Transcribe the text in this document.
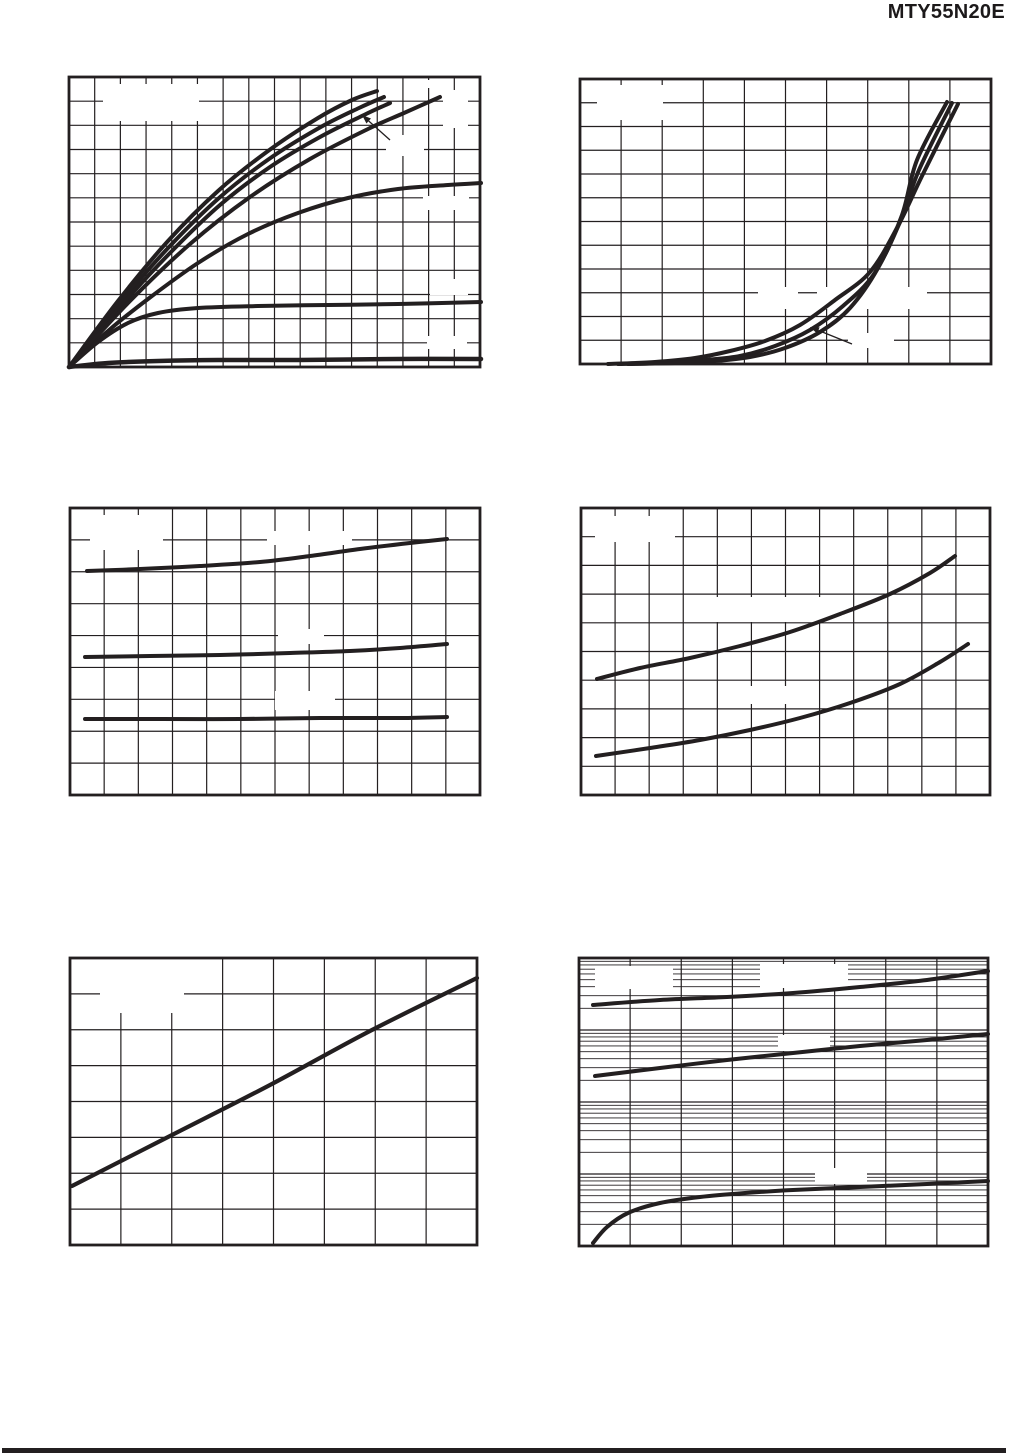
MTY55N20E
